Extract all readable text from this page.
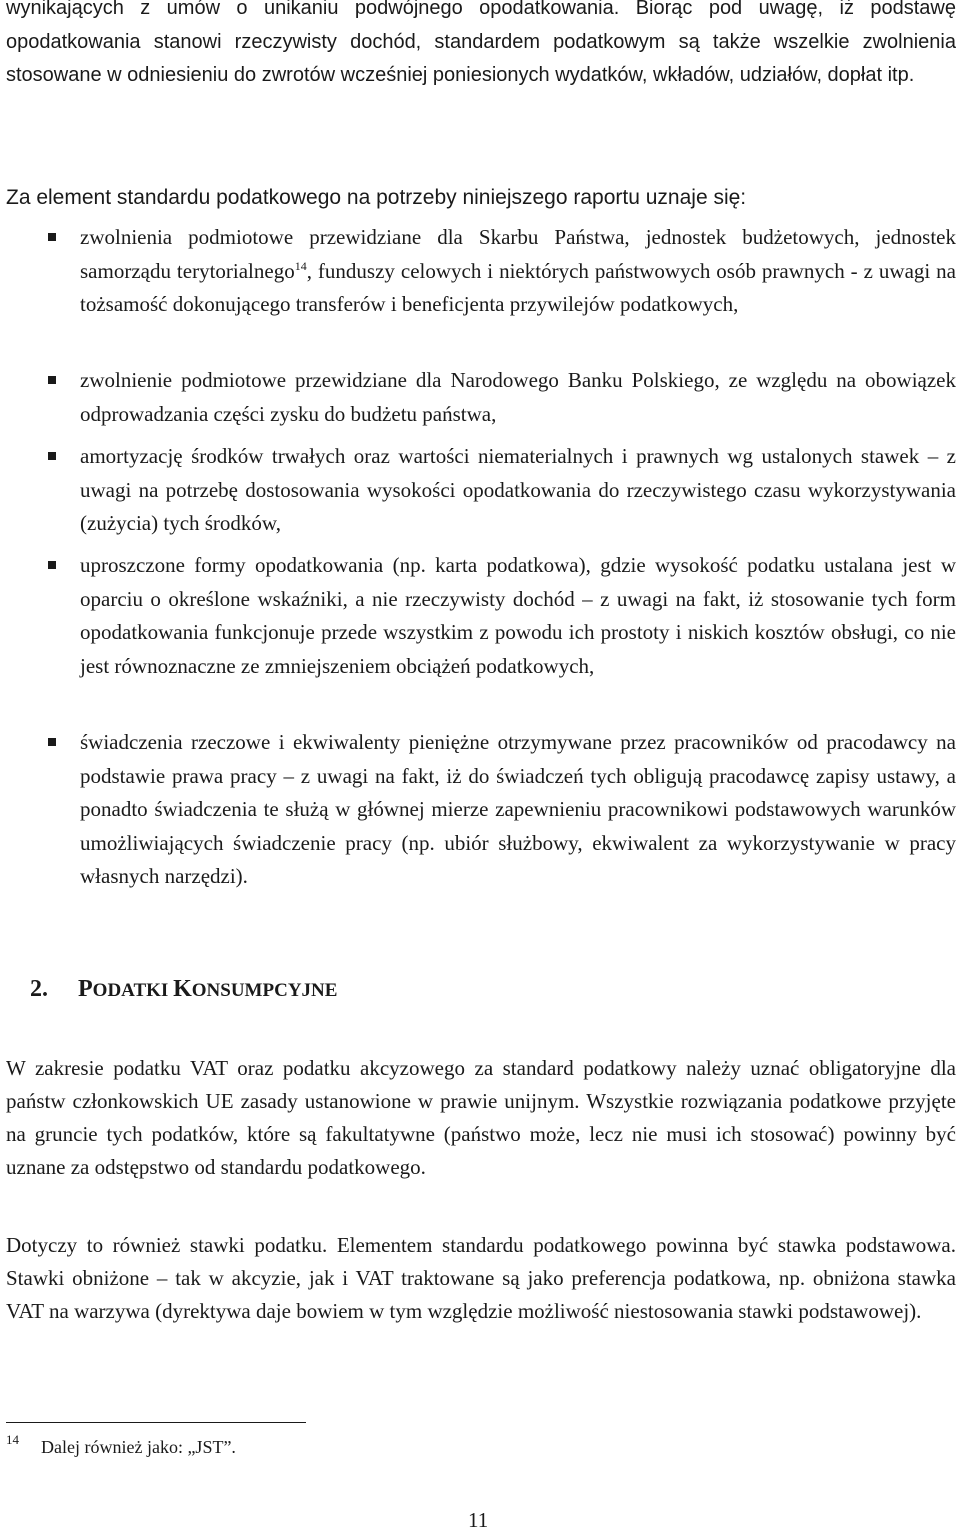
wynikających z umów o unikaniu podwójnego opodatkowania. Biorąc pod uwagę, iż podstawę opodatkowania stanowi rzeczywisty dochód, standardem podatkowym są także wszelkie zwolnienia stosowane w odniesieniu do zwrotów wcześniej poniesionych wydatków, wkładów, udziałów, dopłat itp.

Za element standardu podatkowego na potrzeby niniejszego raportu uznaje się:

zwolnienia podmiotowe przewidziane dla Skarbu Państwa, jednostek budżetowych, jednostek samorządu terytorialnego$^{14}$, funduszy celowych i niektórych państwowych osób prawnych - z uwagi na tożsamość dokonującego transferów i beneficjenta przywilejów podatkowych,

zwolnienie podmiotowe przewidziane dla Narodowego Banku Polskiego, ze względu na obowiązek odprowadzania części zysku do budżetu państwa,

amortyzację środków trwałych oraz wartości niematerialnych i prawnych wg ustalonych stawek – z uwagi na potrzebę dostosowania wysokości opodatkowania do rzeczywistego czasu wykorzystywania (zużycia) tych środków,

uproszczone formy opodatkowania (np. karta podatkowa), gdzie wysokość podatku ustalana jest w oparciu o określone wskaźniki, a nie rzeczywisty dochód – z uwagi na fakt, iż stosowanie tych form opodatkowania funkcjonuje przede wszystkim z powodu ich prostoty i niskich kosztów obsługi, co nie jest równoznaczne ze zmniejszeniem obciążeń podatkowych,

świadczenia rzeczowe i ekwiwalenty pieniężne otrzymywane przez pracowników od pracodawcy na podstawie prawa pracy – z uwagi na fakt, iż do świadczeń tych obligują pracodawcę zapisy ustawy, a ponadto świadczenia te służą w głównej mierze zapewnieniu pracownikowi podstawowych warunków umożliwiających świadczenie pracy (np. ubiór służbowy, ekwiwalent za wykorzystywanie w pracy własnych narzędzi).

2. PODATKI KONSUMPCYJNE

W zakresie podatku VAT oraz podatku akcyzowego za standard podatkowy należy uznać obligatoryjne dla państw członkowskich UE zasady ustanowione w prawie unijnym. Wszystkie rozwiązania podatkowe przyjęte na gruncie tych podatków, które są fakultatywne (państwo może, lecz nie musi ich stosować) powinny być uznane za odstępstwo od standardu podatkowego.

Dotyczy to również stawki podatku. Elementem standardu podatkowego powinna być stawka podstawowa. Stawki obniżone – tak w akcyzie, jak i VAT traktowane są jako preferencja podatkowa, np. obniżona stawka VAT na warzywa (dyrektywa daje bowiem w tym względzie możliwość niestosowania stawki podstawowej).

14 Dalej również jako: „JST”.
11
